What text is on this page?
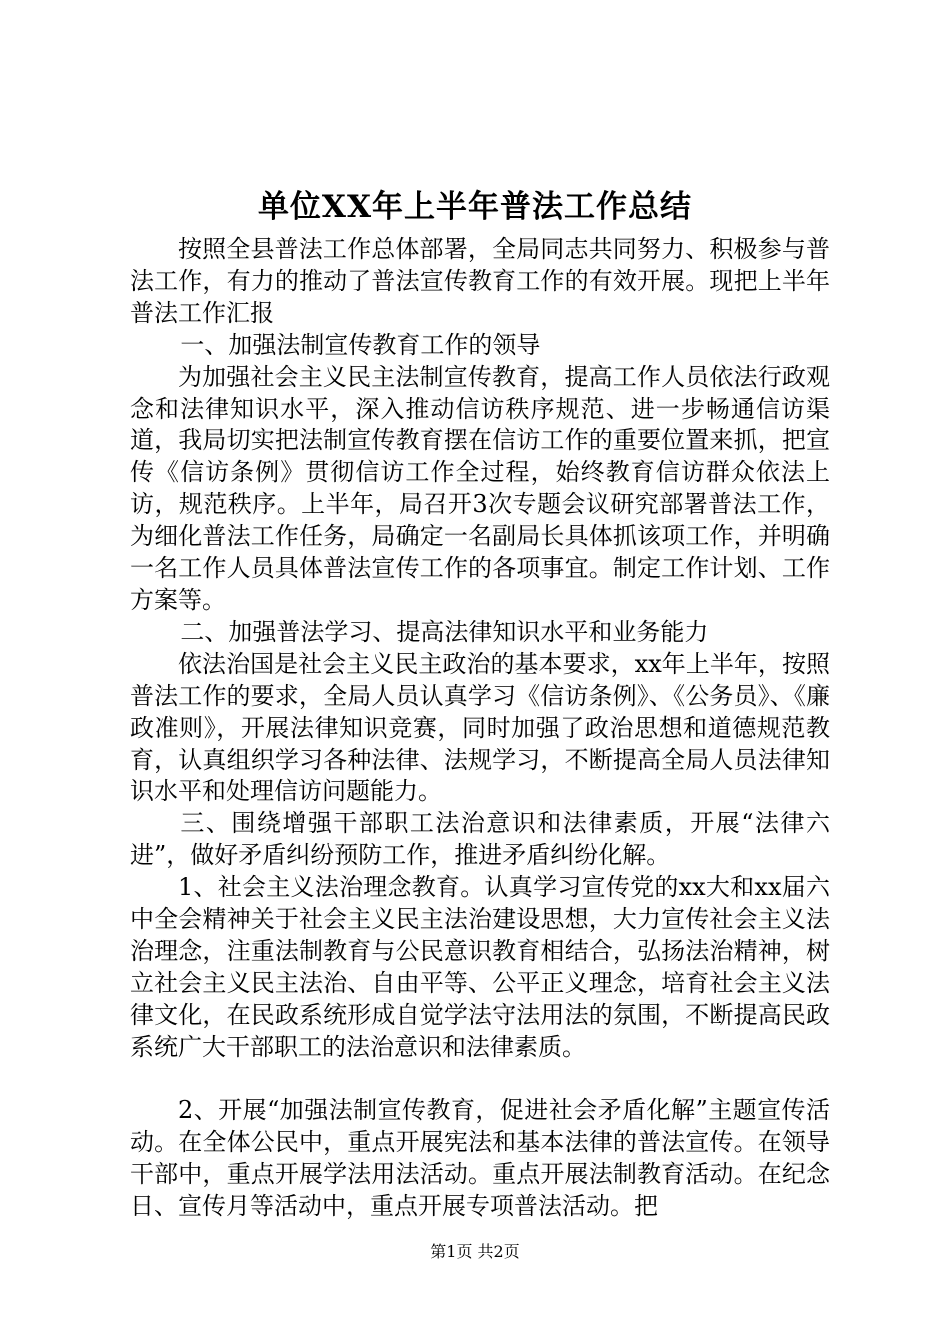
单位XX年上半年普法工作总结

按照全县普法工作总体部署，全局同志共同努力、积极参与普法工作，有力的推动了普法宣传教育工作的有效开展。现把上半年普法工作汇报

一、加强法制宣传教育工作的领导

为加强社会主义民主法制宣传教育，提高工作人员依法行政观念和法律知识水平，深入推动信访秩序规范、进一步畅通信访渠道，我局切实把法制宣传教育摆在信访工作的重要位置来抓，把宣传《信访条例》贯彻信访工作全过程，始终教育信访群众依法上访，规范秩序。上半年，局召开3次专题会议研究部署普法工作，为细化普法工作任务，局确定一名副局长具体抓该项工作，并明确一名工作人员具体普法宣传工作的各项事宜。制定工作计划、工作方案等。

二、加强普法学习、提高法律知识水平和业务能力

依法治国是社会主义民主政治的基本要求，xx年上半年，按照普法工作的要求，全局人员认真学习《信访条例》、《公务员》、《廉政准则》，开展法律知识竞赛，同时加强了政治思想和道德规范教育，认真组织学习各种法律、法规学习，不断提高全局人员法律知识水平和处理信访问题能力。

三、围绕增强干部职工法治意识和法律素质，开展“法律六进”，做好矛盾纠纷预防工作，推进矛盾纠纷化解。

1、社会主义法治理念教育。认真学习宣传党的xx大和xx届六中全会精神关于社会主义民主法治建设思想，大力宣传社会主义法治理念，注重法制教育与公民意识教育相结合，弘扬法治精神，树立社会主义民主法治、自由平等、公平正义理念，培育社会主义法律文化，在民政系统形成自觉学法守法用法的氛围，不断提高民政系统广大干部职工的法治意识和法律素质。

2、开展“加强法制宣传教育，促进社会矛盾化解”主题宣传活动。在全体公民中，重点开展宪法和基本法律的普法宣传。在领导干部中，重点开展学法用法活动。重点开展法制教育活动。在纪念日、宣传月等活动中，重点开展专项普法活动。把

第1页 共2页
